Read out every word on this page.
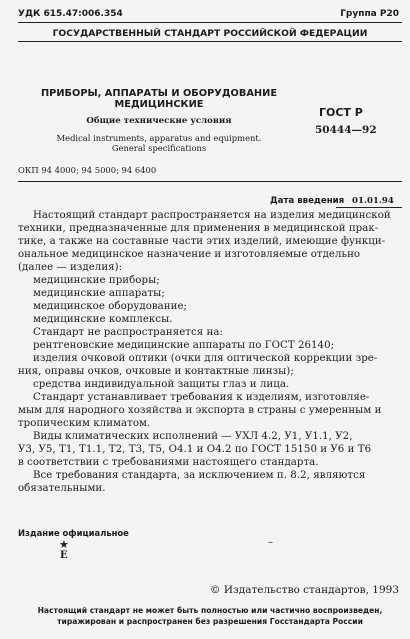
УДК 615.47:006.354	Группа Р20
ГОСУДАРСТВЕННЫЙ СТАНДАРТ РОССИЙСКОЙ ФЕДЕРАЦИИ
ПРИБОРЫ, АППАРАТЫ И ОБОРУДОВАНИЕ
МЕДИЦИНСКИЕ
Общие технические условия
Medical instruments, apparatus and equipment.
General specifications
ГОСТ Р
50444—92
ОКП 94 4000; 94 5000; 94 6400
Дата введения 01.01.94
Настоящий стандарт распространяется на изделия медицинской
техники, предназначенные для применения в медицинской прак-
тике, а также на составные части этих изделий, имеющие функци-
ональное медицинское назначение и изготовляемые отдельно
(далее — изделия):
медицинские приборы;
медицинские аппараты;
медицинское оборудование;
медицинские комплексы.
Стандарт не распространяется на:
рентгеновские медицинские аппараты по ГОСТ 26140;
изделия очковой оптики (очки для оптической коррекции зре-
ния, оправы очков, очковые и контактные линзы);
средства индивидуальной защиты глаз и лица.
Стандарт устанавливает требования к изделиям, изготовляе-
мым для народного хозяйства и экспорта в страны с умеренным и
тропическим климатом.
Виды климатических исполнений — УХЛ 4.2, У1, У1.1, У2,
У3, У5, Т1, Т1.1, Т2, Т3, Т5, О4.1 и О4.2 по ГОСТ 15150 и У6 и Т6
в соответствии с требованиями настоящего стандарта.
Все требования стандарта, за исключением п. 8.2, являются
обязательными.
Издание официальное
★
Е
–
© Издательство стандартов, 1993
Настоящий стандарт не может быть полностью или частично воспроизведен,
тиражирован и распространен без разрешения Госстандарта России
